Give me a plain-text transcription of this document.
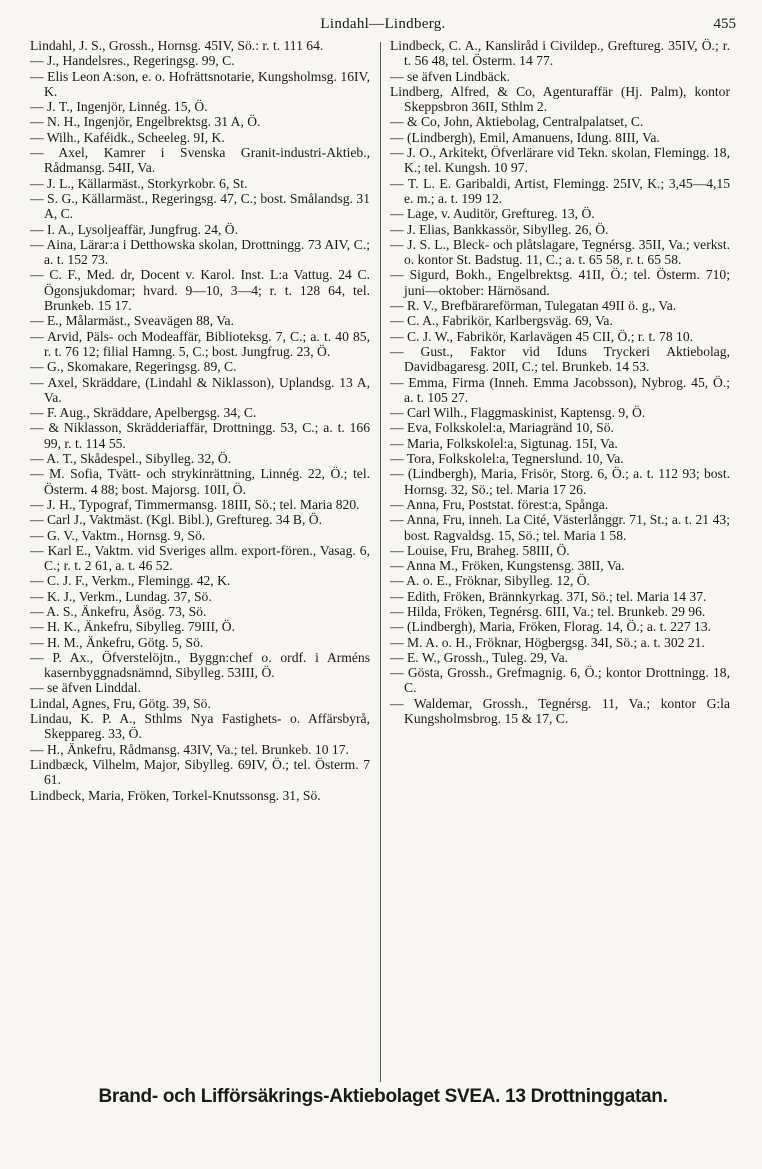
Lindahl—Lindberg.	455

Lindahl, J. S., Grossh., Hornsg. 45IV, Sö.: r. t. 111 64.

— J., Handelsres., Regeringsg. 99, C.

— Elis Leon A:son, e. o. Hofrättsnotarie, Kungsholmsg. 16IV, K.

— J. T., Ingenjör, Linnég. 15, Ö.

— N. H., Ingenjör, Engelbrektsg. 31 A, Ö.

— Wilh., Kaféidk., Scheeleg. 9I, K.

— Axel, Kamrer i Svenska Granit-industri-Aktieb., Rådmansg. 54II, Va.

— J. L., Källarmäst., Storkyrkobr. 6, St.

— S. G., Källarmäst., Regeringsg. 47, C.; bost. Smålandsg. 31 A, C.

— I. A., Lysoljeaffär, Jungfrug. 24, Ö.

— Aina, Lärar:a i Detthowska skolan, Drottningg. 73 AIV, C.; a. t. 152 73.

— C. F., Med. dr, Docent v. Karol. Inst. L:a Vattug. 24 C. Ögonsjukdomar; hvard. 9—10, 3—4; r. t. 128 64, tel. Brunkeb. 15 17.

— E., Målarmäst., Sveavägen 88, Va.

— Arvid, Päls- och Modeaffär, Biblioteksg. 7, C.; a. t. 40 85, r. t. 76 12; filial Hamng. 5, C.; bost. Jungfrug. 23, Ö.

— G., Skomakare, Regeringsg. 89, C.

— Axel, Skräddare, (Lindahl & Niklasson), Uplandsg. 13 A, Va.

— F. Aug., Skräddare, Apelbergsg. 34, C.

— & Niklasson, Skrädderiaffär, Drottningg. 53, C.; a. t. 166 99, r. t. 114 55.

— A. T., Skådespel., Sibylleg. 32, Ö.

— M. Sofia, Tvätt- och strykinrättning, Linnég. 22, Ö.; tel. Österm. 4 88; bost. Majorsg. 10II, Ö.

— J. H., Typograf, Timmermansg. 18III, Sö.; tel. Maria 820.

— Carl J., Vaktmäst. (Kgl. Bibl.), Greftureg. 34 B, Ö.

— G. V., Vaktm., Hornsg. 9, Sö.

— Karl E., Vaktm. vid Sveriges allm. export-fören., Vasag. 6, C.; r. t. 2 61, a. t. 46 52.

— C. J. F., Verkm., Flemingg. 42, K.

— K. J., Verkm., Lundag. 37, Sö.

— A. S., Änkefru, Åsög. 73, Sö.

— H. K., Änkefru, Sibylleg. 79III, Ö.

— H. M., Änkefru, Götg. 5, Sö.

— P. Ax., Öfverstelöjtn., Byggn:chef o. ordf. i Arméns kasernbyggnadsnämnd, Sibylleg. 53III, Ö.

— se äfven Linddal.

Lindal, Agnes, Fru, Götg. 39, Sö.

Lindau, K. P. A., Sthlms Nya Fastighets- o. Affärsbyrå, Skeppareg. 33, Ö.

— H., Änkefru, Rådmansg. 43IV, Va.; tel. Brunkeb. 10 17.

Lindbæck, Vilhelm, Major, Sibylleg. 69IV, Ö.; tel. Österm. 7 61.

Lindbeck, Maria, Fröken, Torkel-Knutssonsg. 31, Sö.

Lindbeck, C. A., Kansliråd i Civildep., Greftureg. 35IV, Ö.; r. t. 56 48, tel. Österm. 14 77.

— se äfven Lindbäck.

Lindberg, Alfred, & Co, Agenturaffär (Hj. Palm), kontor Skeppsbron 36II, Sthlm 2.

— & Co, John, Aktiebolag, Centralpalatset, C.

— (Lindbergh), Emil, Amanuens, Idung. 8III, Va.

— J. O., Arkitekt, Öfverlärare vid Tekn. skolan, Flemingg. 18, K.; tel. Kungsh. 10 97.

— T. L. E. Garibaldi, Artist, Flemingg. 25IV, K.; 3,45—4,15 e. m.; a. t. 199 12.

— Lage, v. Auditör, Greftureg. 13, Ö.

— J. Elias, Bankkassör, Sibylleg. 26, Ö.

— J. S. L., Bleck- och plåtslagare, Tegnérsg. 35II, Va.; verkst. o. kontor St. Badstug. 11, C.; a. t. 65 58, r. t. 65 58.

— Sigurd, Bokh., Engelbrektsg. 41II, Ö.; tel. Österm. 710; juni—oktober: Härnösand.

— R. V., Brefbärareförman, Tulegatan 49II ö. g., Va.

— C. A., Fabrikör, Karlbergsväg. 69, Va.

— C. J. W., Fabrikör, Karlavägen 45 CII, Ö.; r. t. 78 10.

— Gust., Faktor vid Iduns Tryckeri Aktiebolag, Davidbagaresg. 20II, C.; tel. Brunkeb. 14 53.

— Emma, Firma (Inneh. Emma Jacobsson), Nybrog. 45, Ö.; a. t. 105 27.

— Carl Wilh., Flaggmaskinist, Kaptensg. 9, Ö.

— Eva, Folkskolel:a, Mariagränd 10, Sö.

— Maria, Folkskolel:a, Sigtunag. 15I, Va.

— Tora, Folkskolel:a, Tegnerslund. 10, Va.

— (Lindbergh), Maria, Frisör, Storg. 6, Ö.; a. t. 112 93; bost. Hornsg. 32, Sö.; tel. Maria 17 26.

— Anna, Fru, Poststat. förest:a, Spånga.

— Anna, Fru, inneh. La Cité, Västerlånggr. 71, St.; a. t. 21 43; bost. Ragvaldsg. 15, Sö.; tel. Maria 1 58.

— Louise, Fru, Braheg. 58III, Ö.

— Anna M., Fröken, Kungstensg. 38II, Va.

— A. o. E., Fröknar, Sibylleg. 12, Ö.

— Edith, Fröken, Brännkyrkag. 37I, Sö.; tel. Maria 14 37.

— Hilda, Fröken, Tegnérsg. 6III, Va.; tel. Brunkeb. 29 96.

— (Lindbergh), Maria, Fröken, Florag. 14, Ö.; a. t. 227 13.

— M. A. o. H., Fröknar, Högbergsg. 34I, Sö.; a. t. 302 21.

— E. W., Grossh., Tuleg. 29, Va.

— Gösta, Grossh., Grefmagnig. 6, Ö.; kontor Drottningg. 18, C.

— Waldemar, Grossh., Tegnérsg. 11, Va.; kontor G:la Kungsholmsbrog. 15 & 17, C.

Brand- och Lifförsäkrings-Aktiebolaget SVEA. 13 Drottninggatan.
